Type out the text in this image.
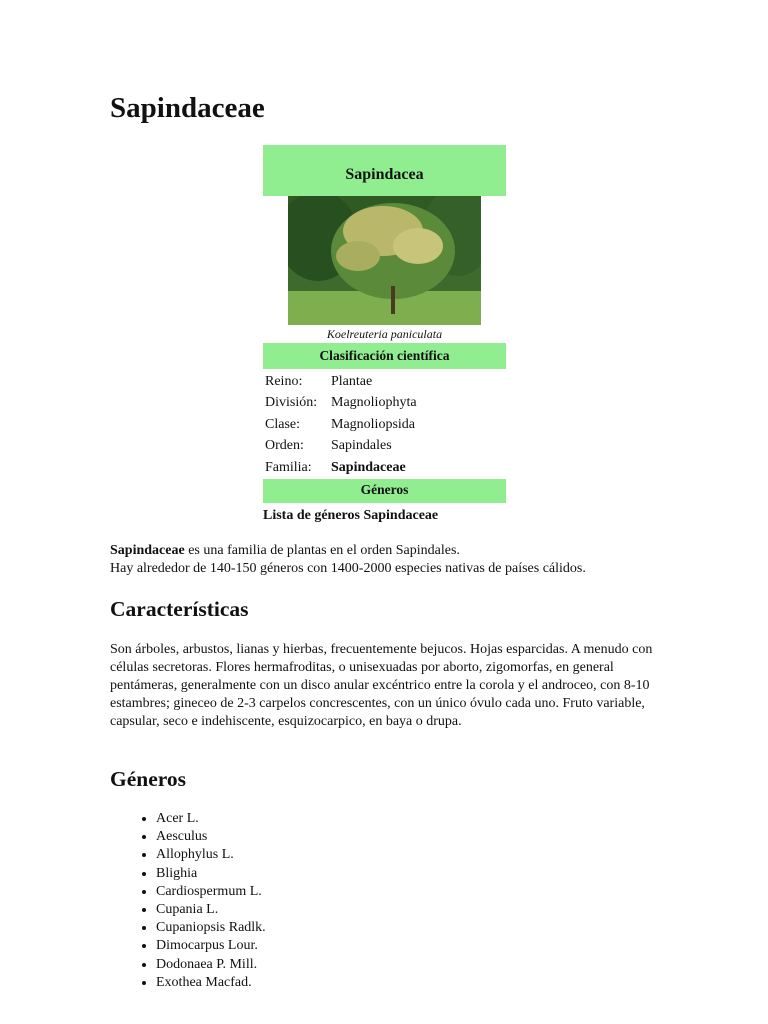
Sapindaceae
Sapindacea
Koelreuteria paniculata
Clasificación científica
Reino:	Plantae
División:	Magnoliophyta
Clase:	Magnoliopsida
Orden:	Sapindales
Familia:	Sapindaceae
Géneros
Lista de géneros Sapindaceae

Sapindaceae es una familia de plantas en el orden Sapindales.
Hay alrededor de 140-150 géneros con 1400-2000 especies nativas de países cálidos.

Características

Son árboles, arbustos, lianas y hierbas, frecuentemente bejucos. Hojas esparcidas. A menudo con células secretoras. Flores hermafroditas, o unisexuadas por aborto, zigomorfas, en general pentámeras, generalmente con un disco anular excéntrico entre la corola y el androceo, con 8-10 estambres; gineceo de 2-3 carpelos concrescentes, con un único óvulo cada uno. Fruto variable, capsular, seco e indehiscente, esquizocarpico, en baya o drupa.

Géneros
• Acer L.
• Aesculus
• Allophylus L.
• Blighia
• Cardiospermum L.
• Cupania L.
• Cupaniopsis Radlk.
• Dimocarpus Lour.
• Dodonaea P. Mill.
• Exothea Macfad.
